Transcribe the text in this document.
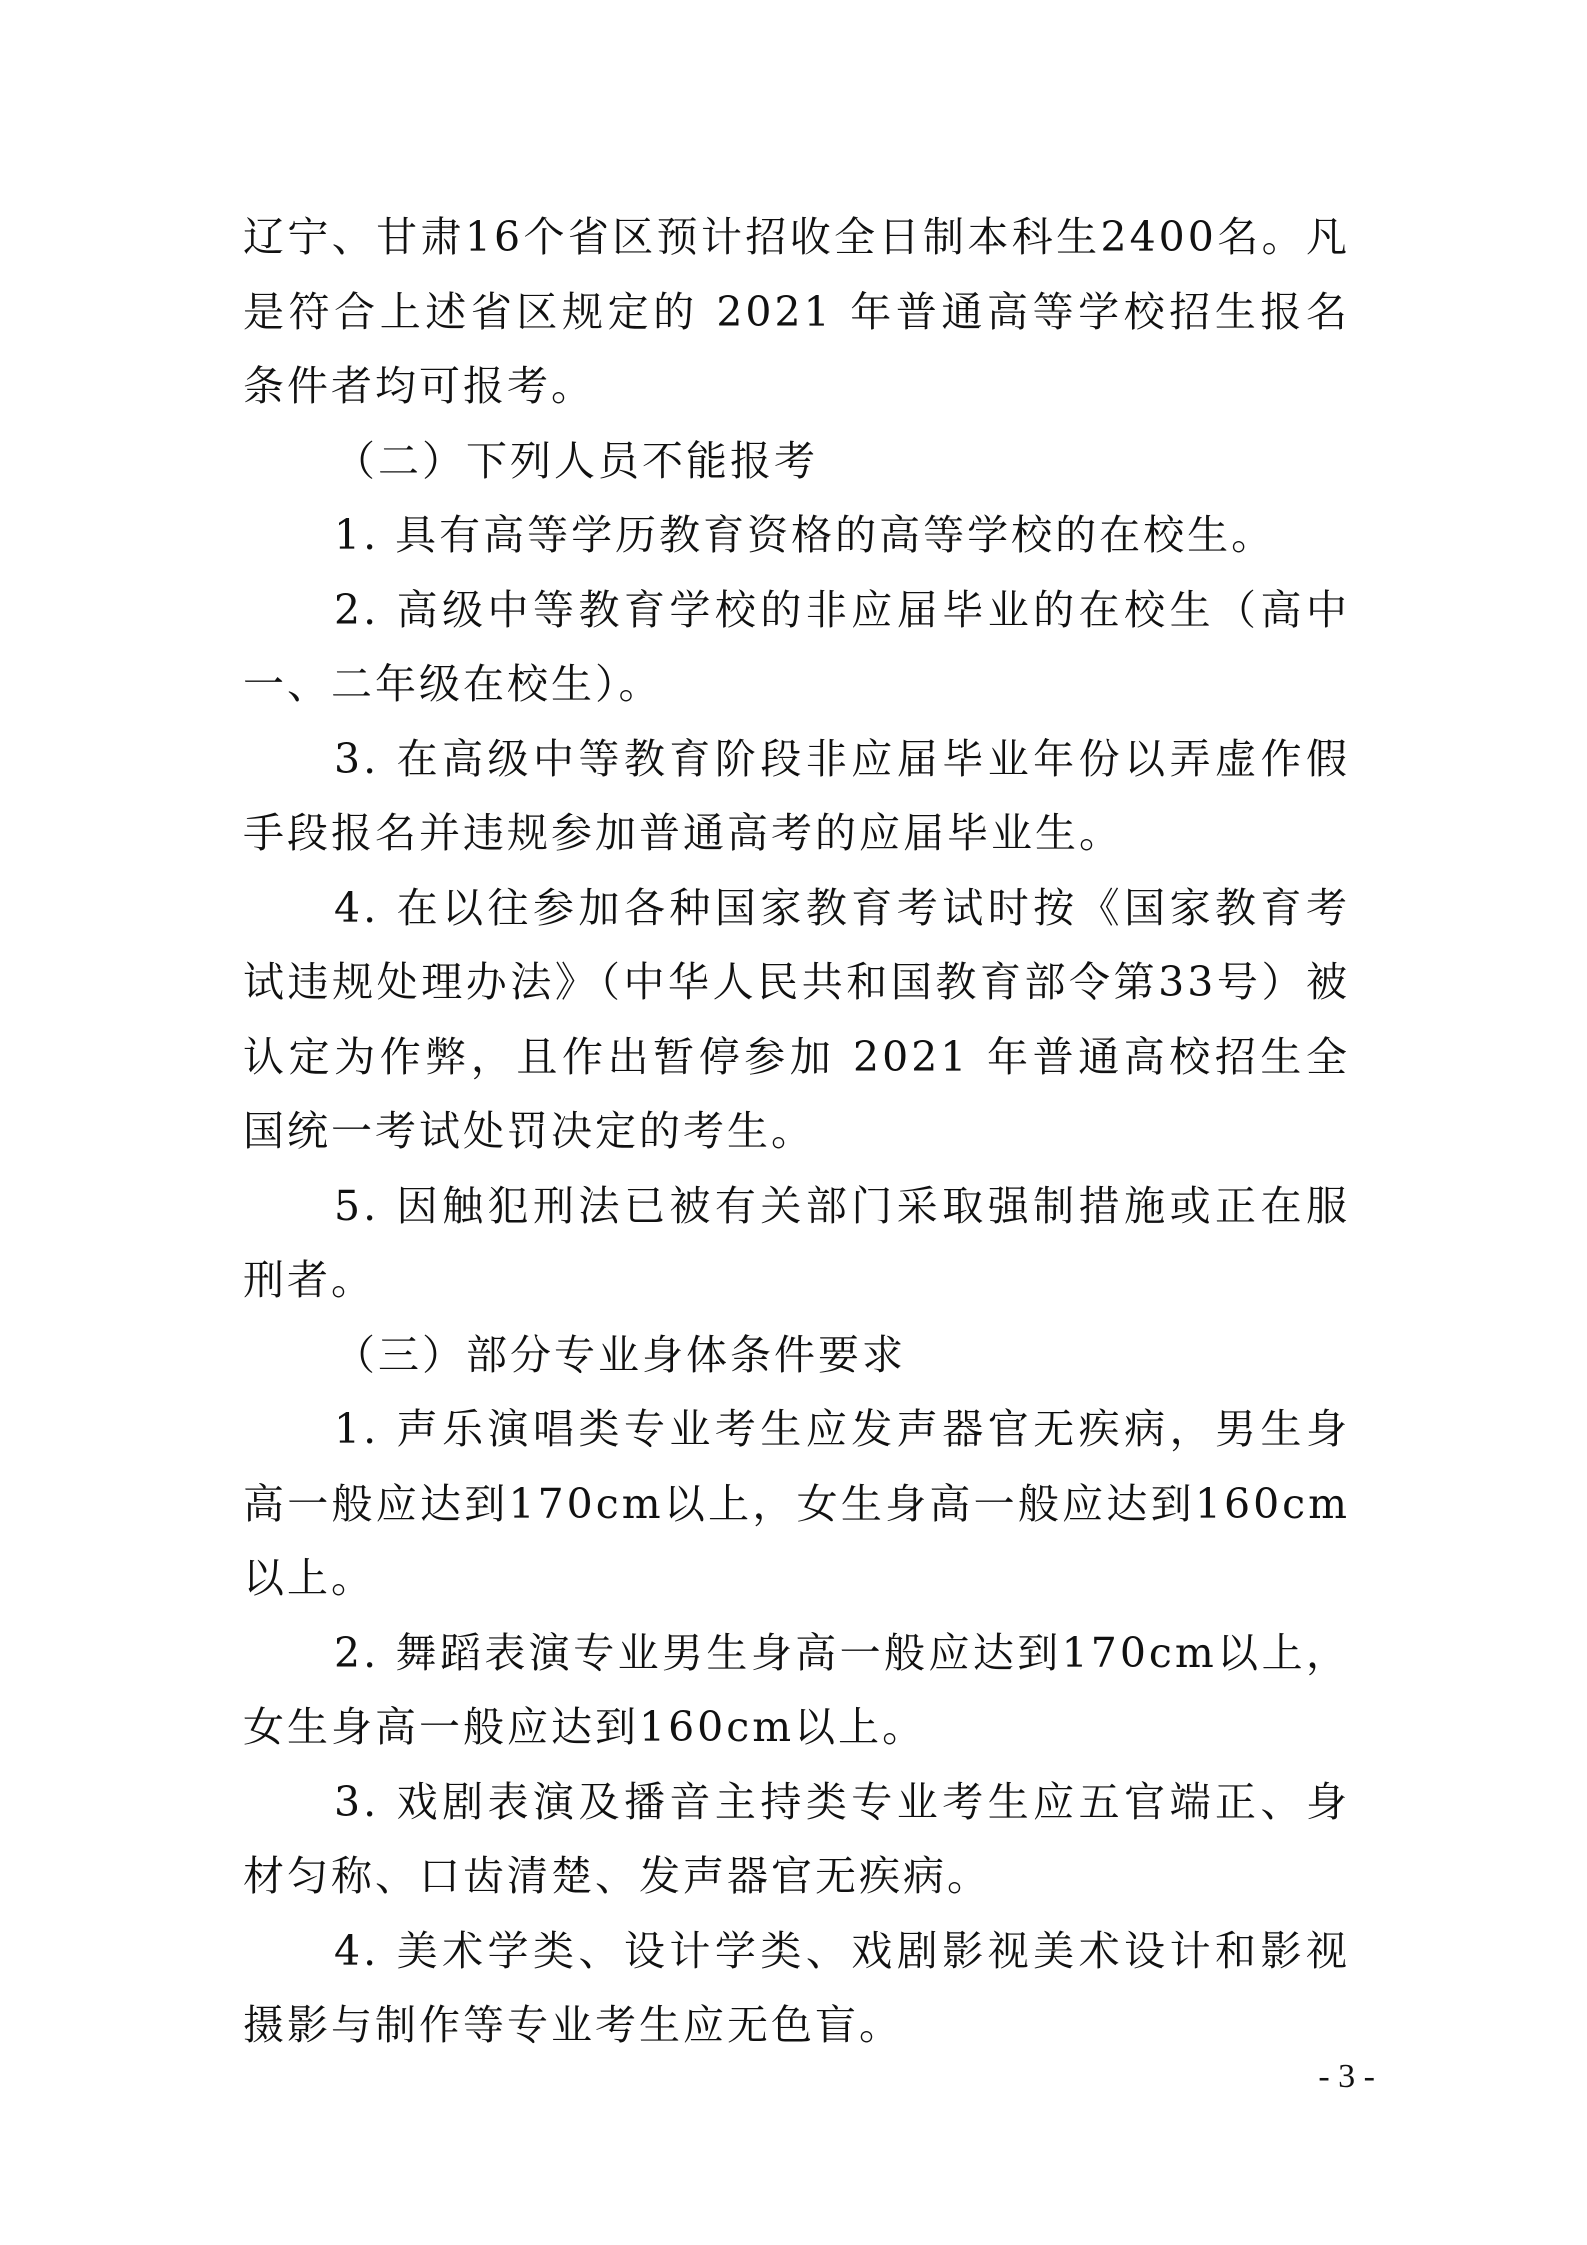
辽宁、甘肃16个省区预计招收全日制本科生2400名。凡是符合上述省区规定的 2021 年普通高等学校招生报名条件者均可报考。

（二）下列人员不能报考

1. 具有高等学历教育资格的高等学校的在校生。

2. 高级中等教育学校的非应届毕业的在校生（高中一、二年级在校生）。

3. 在高级中等教育阶段非应届毕业年份以弄虚作假手段报名并违规参加普通高考的应届毕业生。

4. 在以往参加各种国家教育考试时按《国家教育考试违规处理办法》（中华人民共和国教育部令第33号）被认定为作弊，且作出暂停参加 2021 年普通高校招生全国统一考试处罚决定的考生。

5. 因触犯刑法已被有关部门采取强制措施或正在服刑者。

（三）部分专业身体条件要求

1. 声乐演唱类专业考生应发声器官无疾病，男生身高一般应达到170cm以上，女生身高一般应达到160cm以上。

2. 舞蹈表演专业男生身高一般应达到170cm以上，女生身高一般应达到160cm以上。

3. 戏剧表演及播音主持类专业考生应五官端正、身材匀称、口齿清楚、发声器官无疾病。

4. 美术学类、设计学类、戏剧影视美术设计和影视摄影与制作等专业考生应无色盲。

- 3 -
